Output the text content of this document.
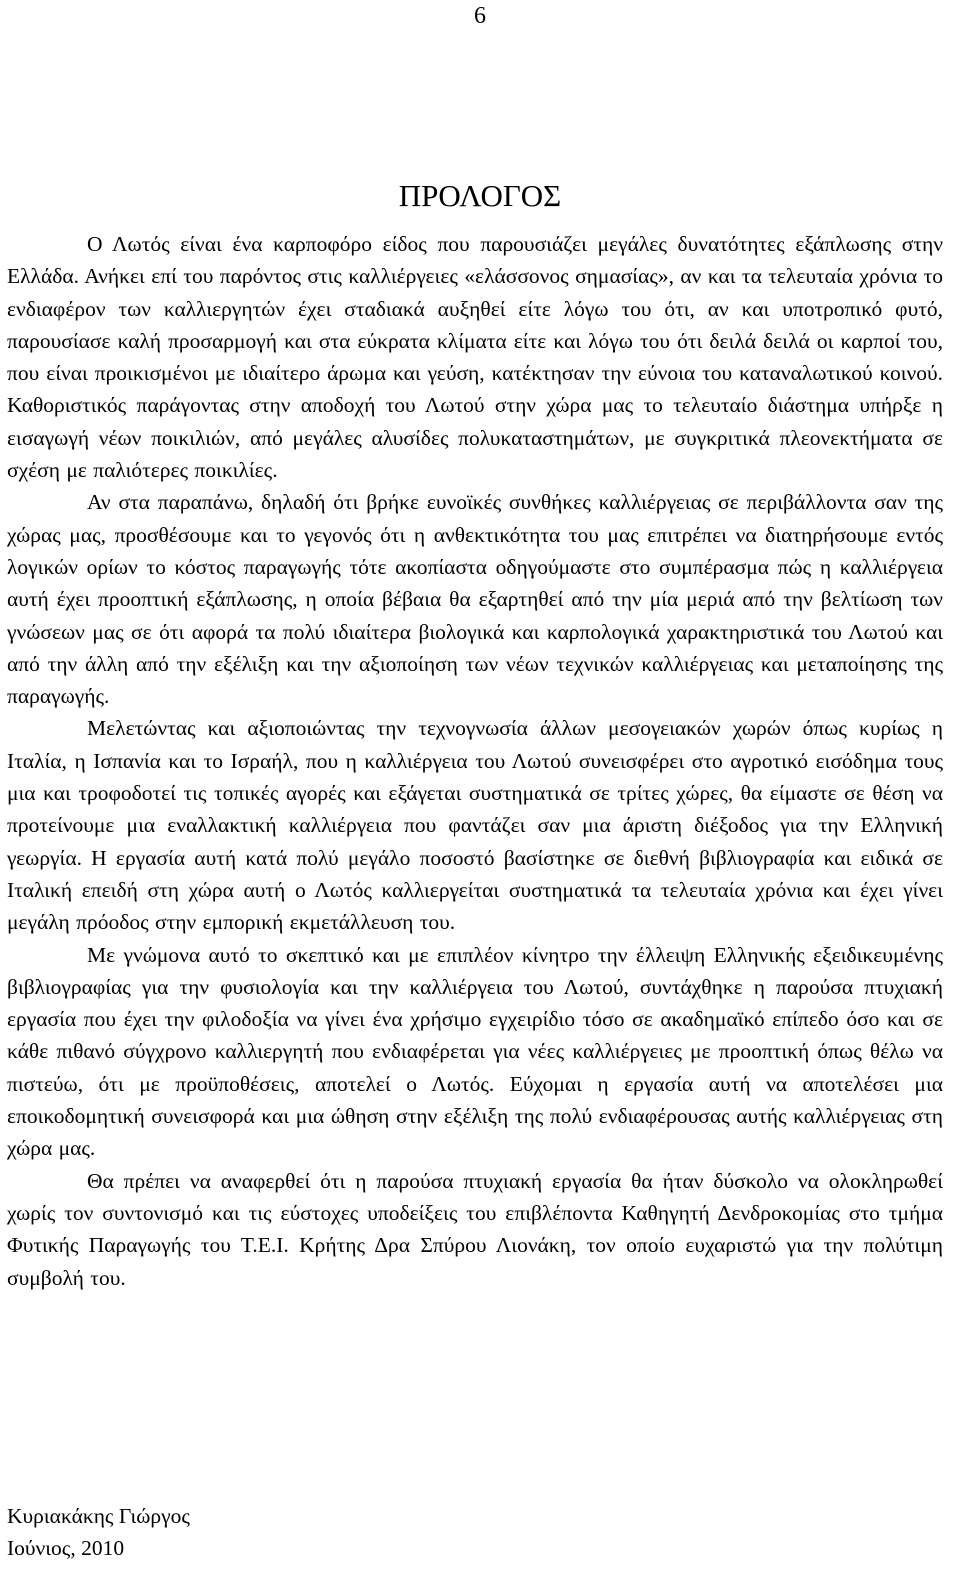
6
ΠΡΟΛΟΓΟΣ

Ο Λωτός είναι ένα καρποφόρο είδος που παρουσιάζει μεγάλες δυνατότητες εξάπλωσης στην Ελλάδα. Ανήκει επί του παρόντος στις καλλιέργειες «ελάσσονος σημασίας», αν και τα τελευταία χρόνια το ενδιαφέρον των καλλιεργητών έχει σταδιακά αυξηθεί είτε λόγω του ότι, αν και υποτροπικό φυτό, παρουσίασε καλή προσαρμογή και στα εύκρατα κλίματα είτε και λόγω του ότι δειλά δειλά οι καρποί του, που είναι προικισμένοι με ιδιαίτερο άρωμα και γεύση, κατέκτησαν την εύνοια του καταναλωτικού κοινού. Καθοριστικός παράγοντας στην αποδοχή του Λωτού στην χώρα μας το τελευταίο διάστημα υπήρξε η εισαγωγή νέων ποικιλιών, από μεγάλες αλυσίδες πολυκαταστημάτων, με συγκριτικά πλεονεκτήματα σε σχέση με παλιότερες ποικιλίες.

Αν στα παραπάνω, δηλαδή ότι βρήκε ευνοϊκές συνθήκες καλλιέργειας σε περιβάλλοντα σαν της χώρας μας, προσθέσουμε και το γεγονός ότι η ανθεκτικότητα του μας επιτρέπει να διατηρήσουμε εντός λογικών ορίων το κόστος παραγωγής τότε ακοπίαστα οδηγούμαστε στο συμπέρασμα πώς η καλλιέργεια αυτή έχει προοπτική εξάπλωσης, η οποία βέβαια θα εξαρτηθεί από την μία μεριά από την βελτίωση των γνώσεων μας σε ότι αφορά τα πολύ ιδιαίτερα βιολογικά και καρπολογικά χαρακτηριστικά του Λωτού και από την άλλη από την εξέλιξη και την αξιοποίηση των νέων τεχνικών καλλιέργειας και μεταποίησης της παραγωγής.

Μελετώντας και αξιοποιώντας την τεχνογνωσία άλλων μεσογειακών χωρών όπως κυρίως η Ιταλία, η Ισπανία και το Ισραήλ, που η καλλιέργεια του Λωτού συνεισφέρει στο αγροτικό εισόδημα τους μια και τροφοδοτεί τις τοπικές αγορές και εξάγεται συστηματικά σε τρίτες χώρες, θα είμαστε σε θέση να προτείνουμε μια εναλλακτική καλλιέργεια που φαντάζει σαν μια άριστη διέξοδος για την Ελληνική γεωργία. Η εργασία αυτή κατά πολύ μεγάλο ποσοστό βασίστηκε σε διεθνή βιβλιογραφία και ειδικά σε Ιταλική επειδή στη χώρα αυτή ο Λωτός καλλιεργείται συστηματικά τα τελευταία χρόνια και έχει γίνει μεγάλη πρόοδος στην εμπορική εκμετάλλευση του.

Με γνώμονα αυτό το σκεπτικό και με επιπλέον κίνητρο την έλλειψη Ελληνικής εξειδικευμένης βιβλιογραφίας για την φυσιολογία και την καλλιέργεια του Λωτού, συντάχθηκε η παρούσα πτυχιακή εργασία που έχει την φιλοδοξία να γίνει ένα χρήσιμο εγχειρίδιο τόσο σε ακαδημαϊκό επίπεδο όσο και σε κάθε πιθανό σύγχρονο καλλιεργητή που ενδιαφέρεται για νέες καλλιέργειες με προοπτική όπως θέλω να πιστεύω, ότι με προϋποθέσεις, αποτελεί ο Λωτός. Εύχομαι η εργασία αυτή να αποτελέσει μια εποικοδομητική συνεισφορά και μια ώθηση στην εξέλιξη της πολύ ενδιαφέρουσας αυτής καλλιέργειας στη χώρα μας.

Θα πρέπει να αναφερθεί ότι η παρούσα πτυχιακή εργασία θα ήταν δύσκολο να ολοκληρωθεί χωρίς τον συντονισμό και τις εύστοχες υποδείξεις του επιβλέποντα Καθηγητή Δενδροκομίας στο τμήμα Φυτικής Παραγωγής του Τ.Ε.Ι. Κρήτης Δρα Σπύρου Λιονάκη, τον οποίο ευχαριστώ για την πολύτιμη συμβολή του.

Κυριακάκης Γιώργος
Ιούνιος, 2010
